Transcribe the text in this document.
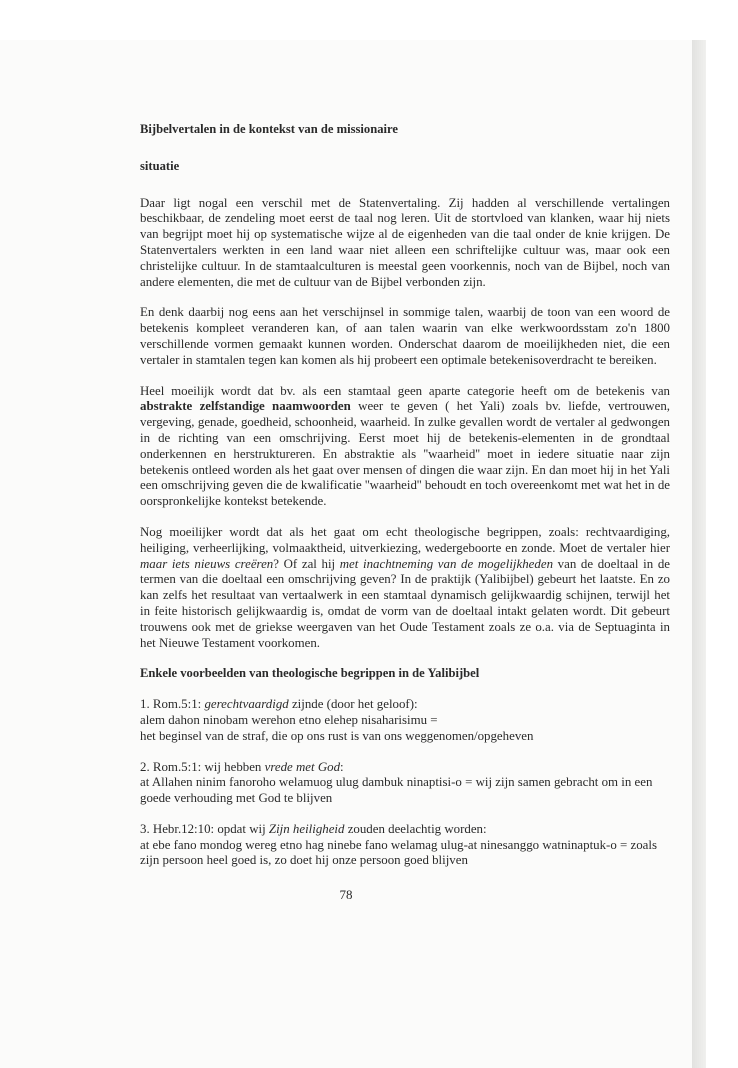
Bijbelvertalen in de kontekst van de missionaire
situatie

Daar ligt nogal een verschil met de Statenvertaling. Zij hadden al verschillende vertalingen beschikbaar, de zendeling moet eerst de taal nog leren. Uit de stortvloed van klanken, waar hij niets van begrijpt moet hij op systematische wijze al de eigenheden van die taal onder de knie krijgen. De Statenvertalers werkten in een land waar niet alleen een schriftelijke cultuur was, maar ook een christelijke cultuur. In de stamtaalculturen is meestal geen voorkennis, noch van de Bijbel, noch van andere elementen, die met de cultuur van de Bijbel verbonden zijn.

En denk daarbij nog eens aan het verschijnsel in sommige talen, waarbij de toon van een woord de betekenis kompleet veranderen kan, of aan talen waarin van elke werkwoordsstam zo'n 1800 verschillende vormen gemaakt kunnen worden. Onderschat daarom de moeilijkheden niet, die een vertaler in stamtalen tegen kan komen als hij probeert een optimale betekenisoverdracht te bereiken.

Heel moeilijk wordt dat bv. als een stamtaal geen aparte categorie heeft om de betekenis van abstrakte zelfstandige naamwoorden weer te geven ( het Yali) zoals bv. liefde, vertrouwen, vergeving, genade, goedheid, schoonheid, waarheid. In zulke gevallen wordt de vertaler al gedwongen in de richting van een omschrijving. Eerst moet hij de betekenis-elementen in de grondtaal onderkennen en herstruktureren. En abstraktie als ''waarheid'' moet in iedere situatie naar zijn betekenis ontleed worden als het gaat over mensen of dingen die waar zijn. En dan moet hij in het Yali een omschrijving geven die de kwalificatie ''waarheid'' behoudt en toch overeenkomt met wat het in de oorspronkelijke kontekst betekende.

Nog moeilijker wordt dat als het gaat om echt theologische begrippen, zoals: rechtvaardiging, heiliging, verheerlijking, volmaaktheid, uitverkiezing, wedergeboorte en zonde. Moet de vertaler hier maar iets nieuws creëren? Of zal hij met inachtneming van de mogelijkheden van de doeltaal in de termen van die doeltaal een omschrijving geven? In de praktijk (Yalibijbel) gebeurt het laatste. En zo kan zelfs het resultaat van vertaalwerk in een stamtaal dynamisch gelijkwaardig schijnen, terwijl het in feite historisch gelijkwaardig is, omdat de vorm van de doeltaal intakt gelaten wordt. Dit gebeurt trouwens ook met de griekse weergaven van het Oude Testament zoals ze o.a. via de Septuaginta in het Nieuwe Testament voorkomen.

Enkele voorbeelden van theologische begrippen in de Yalibijbel
1. Rom.5:1: gerechtvaardigd zijnde (door het geloof):
alem dahon ninobam werehon etno elehep nisaharisimu =
het beginsel van de straf, die op ons rust is van ons weggenomen/opgeheven
2. Rom.5:1: wij hebben vrede met God:
at Allahen ninim fanoroho welamuog ulug dambuk ninaptisi-o = wij zijn samen gebracht om in een goede verhouding met God te blijven
3. Hebr.12:10: opdat wij Zijn heiligheid zouden deelachtig worden:
at ebe fano mondog wereg etno hag ninebe fano welamag ulug-at ninesanggo watninaptuk-o = zoals zijn persoon heel goed is, zo doet hij onze persoon goed blijven
78
